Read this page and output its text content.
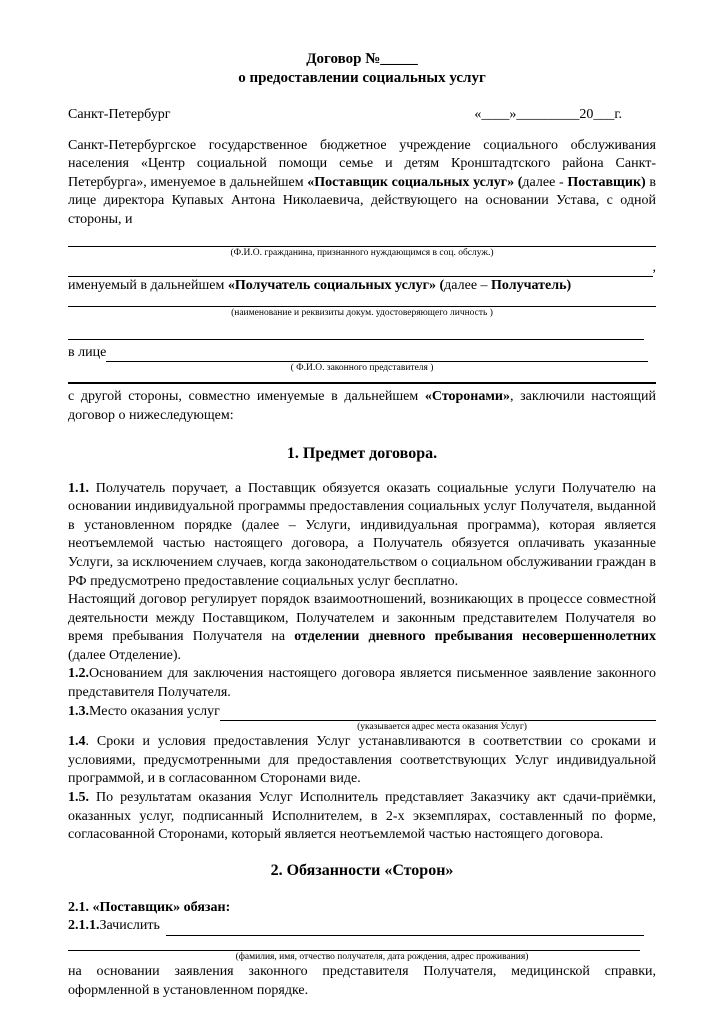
Договор №_____
о предоставлении социальных услуг
Санкт-Петербург	«____»_________20___г.
Санкт-Петербургское государственное бюджетное учреждение социального обслуживания населения «Центр социальной помощи семье и детям Кронштадтского района Санкт-Петербурга», именуемое в дальнейшем «Поставщик социальных услуг» (далее - Поставщик) в лице директора Купавых Антона Николаевича, действующего на основании Устава, с одной стороны, и
(Ф.И.О. гражданина, признанного нуждающимся в соц. обслуж.)
,
именуемый в дальнейшем «Получатель социальных услуг» (далее – Получатель)
(наименование и реквизиты докум. удостоверяющего личность )
в лице
( Ф.И.О. законного представителя )
с другой стороны, совместно именуемые в дальнейшем «Сторонами», заключили настоящий договор о нижеследующем:
1. Предмет договора.
1.1. Получатель поручает, а Поставщик обязуется оказать социальные услуги Получателю на основании индивидуальной программы предоставления социальных услуг Получателя, выданной в установленном порядке (далее – Услуги, индивидуальная программа), которая является неотъемлемой частью настоящего договора, а Получатель обязуется оплачивать указанные Услуги, за исключением случаев, когда законодательством о социальном обслуживании граждан в РФ предусмотрено предоставление социальных услуг бесплатно.
Настоящий договор регулирует порядок взаимоотношений, возникающих в процессе совместной деятельности между Поставщиком, Получателем и законным представителем Получателя во время пребывания Получателя на отделении дневного пребывания несовершеннолетних (далее Отделение).
1.2.Основанием для заключения настоящего договора является письменное заявление законного представителя Получателя.
1.3. Место оказания услуг
(указывается адрес места оказания Услуг)
1.4. Сроки и условия предоставления Услуг устанавливаются в соответствии со сроками и условиями, предусмотренными для предоставления соответствующих Услуг индивидуальной программой, и в согласованном Сторонами виде.
1.5. По результатам оказания Услуг Исполнитель представляет Заказчику акт сдачи-приёмки, оказанных услуг, подписанный Исполнителем, в 2-х экземплярах, составленный по форме, согласованной Сторонами, который является неотъемлемой частью настоящего договора.
2. Обязанности «Сторон»
2.1. «Поставщик» обязан:
2.1.1. Зачислить
(фамилия, имя, отчество получателя, дата рождения, адрес проживания)
на основании заявления законного представителя Получателя, медицинской справки, оформленной в установленном порядке.
